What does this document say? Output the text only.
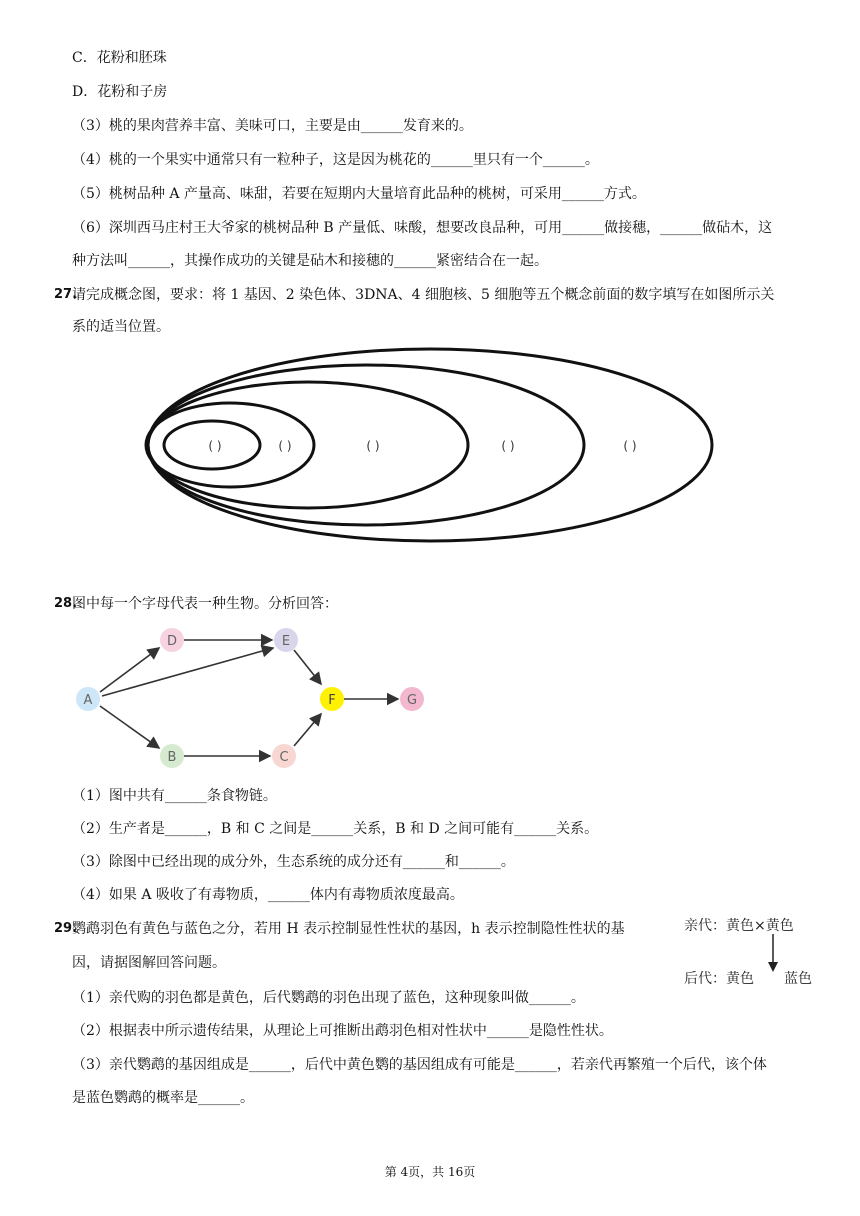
C．花粉和胚珠
D．花粉和子房
（3）桃的果肉营养丰富、美味可口，主要是由______发育来的。
（4）桃的一个果实中通常只有一粒种子，这是因为桃花的______里只有一个______。
（5）桃树品种 A 产量高、味甜，若要在短期内大量培育此品种的桃树，可采用______方式。
（6）深圳西马庄村王大爷家的桃树品种 B 产量低、味酸，想要改良品种，可用______做接穗，______做砧木，这
种方法叫______，其操作成功的关键是砧木和接穗的______紧密结合在一起。
27.
请完成概念图，要求：将 1 基因、2 染色体、3DNA、4 细胞核、5 细胞等五个概念前面的数字填写在如图所示关
系的适当位置。
( )	( )	( )	( )	( )
28.
图中每一个字母代表一种生物。分析回答：
A
B	C
D	E
F	G
（1）图中共有______条食物链。
（2）生产者是______，B 和 C 之间是______关系，B 和 D 之间可能有______关系。
（3）除图中已经出现的成分外，生态系统的成分还有______和______。
（4）如果 A 吸收了有毒物质，______体内有毒物质浓度最高。
29.
鹦鹉羽色有黄色与蓝色之分，若用 H 表示控制显性性状的基因，h 表示控制隐性性状的基
因，请据图解回答问题。
亲代：黄色×黄色
后代：黄色 蓝色
（1）亲代购的羽色都是黄色，后代鹦鹉的羽色出现了蓝色，这种现象叫做______。
（2）根据表中所示遗传结果，从理论上可推断出鹉羽色相对性状中______是隐性性状。
（3）亲代鹦鹉的基因组成是______，后代中黄色鹦的基因组成有可能是______，若亲代再繁殖一个后代，该个体
是蓝色鹦鹉的概率是______。
第 4页，共 16页
